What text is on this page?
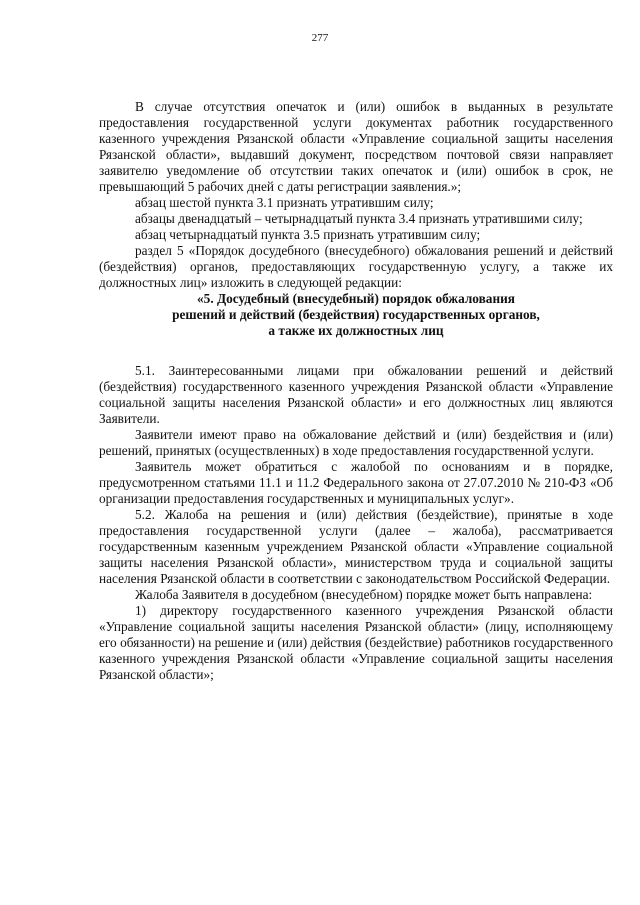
277

В случае отсутствия опечаток и (или) ошибок в выданных в результате предоставления государственной услуги документах работник государственного казенного учреждения Рязанской области «Управление социальной защиты населения Рязанской области», выдавший документ, посредством почтовой связи направляет заявителю уведомление об отсутствии таких опечаток и (или) ошибок в срок, не превышающий 5 рабочих дней с даты регистрации заявления.»;

абзац шестой пункта 3.1 признать утратившим силу;

абзацы двенадцатый – четырнадцатый пункта 3.4 признать утратившими силу;

абзац четырнадцатый пункта 3.5 признать утратившим силу;

раздел 5 «Порядок досудебного (внесудебного) обжалования решений и действий (бездействия) органов, предоставляющих государственную услугу, а также их должностных лиц» изложить в следующей редакции:

«5. Досудебный (внесудебный) порядок обжалования

решений и действий (бездействия) государственных органов,

а также их должностных лиц

5.1. Заинтересованными лицами при обжаловании решений и действий (бездействия) государственного казенного учреждения Рязанской области «Управление социальной защиты населения Рязанской области» и его должностных лиц являются Заявители.

Заявители имеют право на обжалование действий и (или) бездействия и (или) решений, принятых (осуществленных) в ходе предоставления государственной услуги.

Заявитель может обратиться с жалобой по основаниям и в порядке, предусмотренном статьями 11.1 и 11.2 Федерального закона от 27.07.2010 № 210-ФЗ «Об организации предоставления государственных и муниципальных услуг».

5.2. Жалоба на решения и (или) действия (бездействие), принятые в ходе предоставления государственной услуги (далее – жалоба), рассматривается государственным казенным учреждением Рязанской области «Управление социальной защиты населения Рязанской области», министерством труда и социальной защиты населения Рязанской области в соответствии с законодательством Российской Федерации.

Жалоба Заявителя в досудебном (внесудебном) порядке может быть направлена:

1) директору государственного казенного учреждения Рязанской области «Управление социальной защиты населения Рязанской области» (лицу, исполняющему его обязанности) на решение и (или) действия (бездействие) работников государственного казенного учреждения Рязанской области «Управление социальной защиты населения Рязанской области»;
